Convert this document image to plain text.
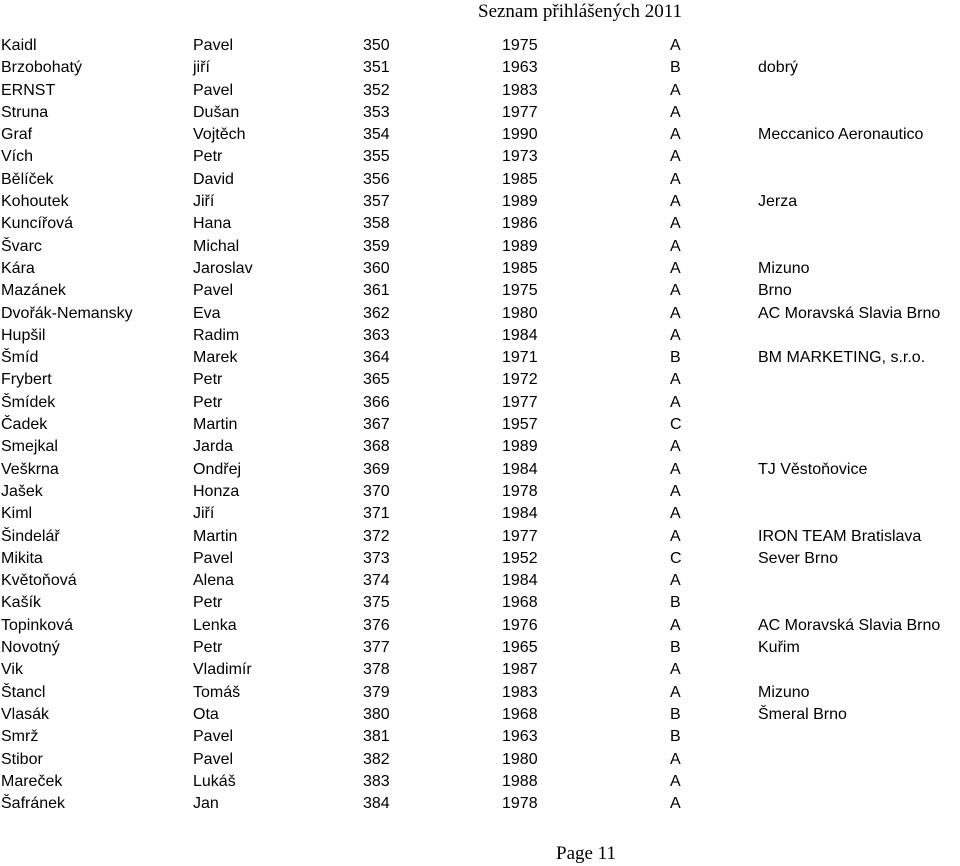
Seznam přihlášených 2011
Kaidl	Pavel	350	1975	A
Brzobohatý	jiří	351	1963	B	dobrý
ERNST	Pavel	352	1983	A
Struna	Dušan	353	1977	A
Graf	Vojtěch	354	1990	A	Meccanico Aeronautico
Vích	Petr	355	1973	A
Bělíček	David	356	1985	A
Kohoutek	Jiří	357	1989	A	Jerza
Kuncířová	Hana	358	1986	A
Švarc	Michal	359	1989	A
Kára	Jaroslav	360	1985	A	Mizuno
Mazánek	Pavel	361	1975	A	Brno
Dvořák-Nemansky	Eva	362	1980	A	AC Moravská Slavia Brno
Hupšil	Radim	363	1984	A
Šmíd	Marek	364	1971	B	BM MARKETING, s.r.o.
Frybert	Petr	365	1972	A
Šmídek	Petr	366	1977	A
Čadek	Martin	367	1957	C
Smejkal	Jarda	368	1989	A
Veškrna	Ondřej	369	1984	A	TJ Věstoňovice
Jašek	Honza	370	1978	A
Kiml	Jiří	371	1984	A
Šindelář	Martin	372	1977	A	IRON TEAM Bratislava
Mikita	Pavel	373	1952	C	Sever Brno
Květoňová	Alena	374	1984	A
Kašík	Petr	375	1968	B
Topinková	Lenka	376	1976	A	AC Moravská Slavia Brno
Novotný	Petr	377	1965	B	Kuřim
Vik	Vladimír	378	1987	A
Štancl	Tomáš	379	1983	A	Mizuno
Vlasák	Ota	380	1968	B	Šmeral Brno
Smrž	Pavel	381	1963	B
Stibor	Pavel	382	1980	A
Mareček	Lukáš	383	1988	A
Šafránek	Jan	384	1978	A
Page 11
